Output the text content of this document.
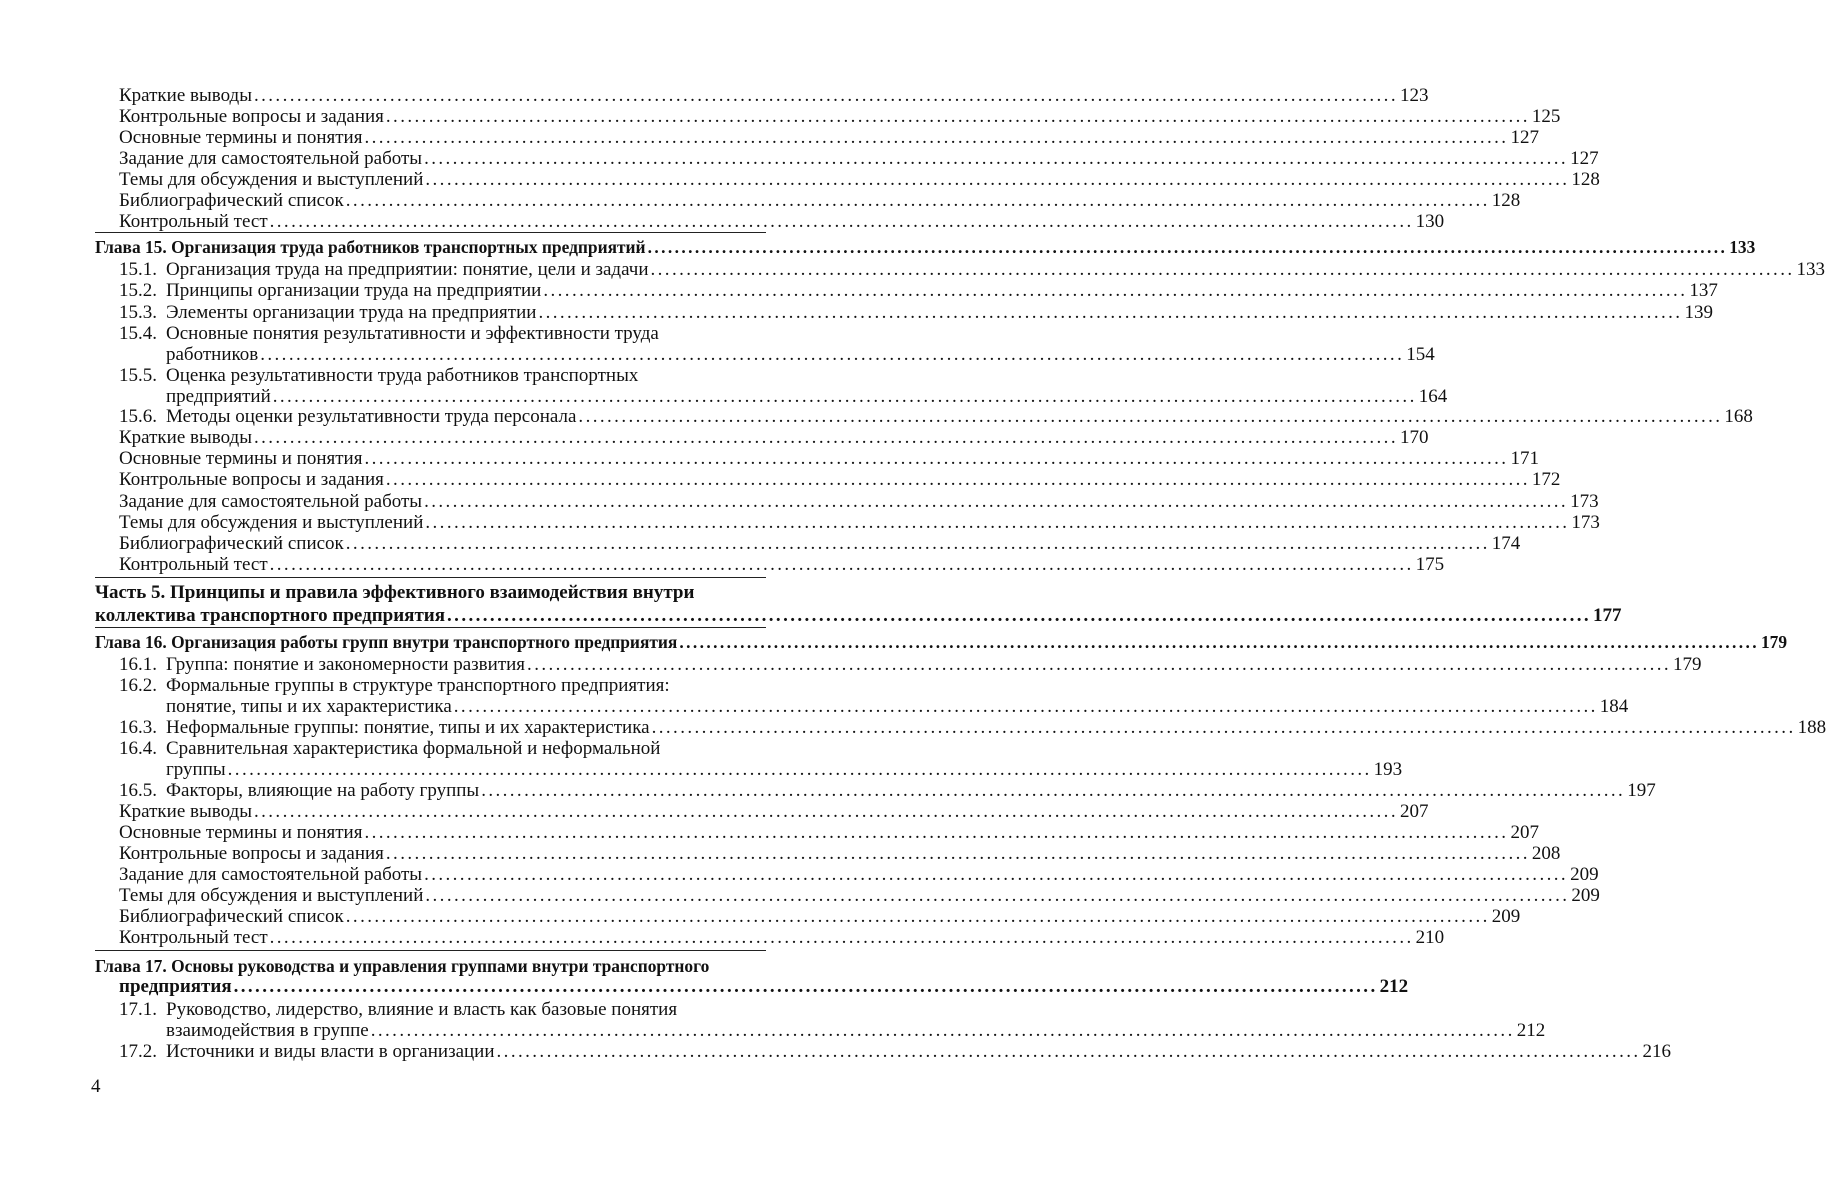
Краткие выводы ................................................................................................................................................................ 123
Контрольные вопросы и задания ................................................................................................................................................................ 125
Основные термины и понятия ................................................................................................................................................................ 127
Задание для самостоятельной работы ................................................................................................................................................................ 127
Темы для обсуждения и выступлений ................................................................................................................................................................ 128
Библиографический список ................................................................................................................................................................ 128
Контрольный тест ................................................................................................................................................................ 130
Глава 15. Организация труда работников транспортных предприятий ................................................................................................................................................................ 133
15.1. Организация труда на предприятии: понятие, цели и задачи ................................................................................................................................................................ 133
15.2. Принципы организации труда на предприятии ................................................................................................................................................................ 137
15.3. Элементы организации труда на предприятии ................................................................................................................................................................ 139
15.4. Основные понятия результативности и эффективности труда
работников ................................................................................................................................................................ 154
15.5. Оценка результативности труда работников транспортных
предприятий ................................................................................................................................................................ 164
15.6. Методы оценки результативности труда персонала ................................................................................................................................................................ 168
Краткие выводы ................................................................................................................................................................ 170
Основные термины и понятия ................................................................................................................................................................ 171
Контрольные вопросы и задания ................................................................................................................................................................ 172
Задание для самостоятельной работы ................................................................................................................................................................ 173
Темы для обсуждения и выступлений ................................................................................................................................................................ 173
Библиографический список ................................................................................................................................................................ 174
Контрольный тест ................................................................................................................................................................ 175
Часть 5. Принципы и правила эффективного взаимодействия внутри
коллектива транспортного предприятия ................................................................................................................................................................ 177
Глава 16. Организация работы групп внутри транспортного предприятия ................................................................................................................................................................ 179
16.1. Группа: понятие и закономерности развития ................................................................................................................................................................ 179
16.2. Формальные группы в структуре транспортного предприятия:
понятие, типы и их характеристика ................................................................................................................................................................ 184
16.3. Неформальные группы: понятие, типы и их характеристика ................................................................................................................................................................ 188
16.4. Сравнительная характеристика формальной и неформальной
группы ................................................................................................................................................................ 193
16.5. Факторы, влияющие на работу группы ................................................................................................................................................................ 197
Краткие выводы ................................................................................................................................................................ 207
Основные термины и понятия ................................................................................................................................................................ 207
Контрольные вопросы и задания ................................................................................................................................................................ 208
Задание для самостоятельной работы ................................................................................................................................................................ 209
Темы для обсуждения и выступлений ................................................................................................................................................................ 209
Библиографический список ................................................................................................................................................................ 209
Контрольный тест ................................................................................................................................................................ 210
Глава 17. Основы руководства и управления группами внутри транспортного
предприятия ................................................................................................................................................................ 212
17.1. Руководство, лидерство, влияние и власть как базовые понятия
взаимодействия в группе ................................................................................................................................................................ 212
17.2. Источники и виды власти в организации ................................................................................................................................................................ 216
4
